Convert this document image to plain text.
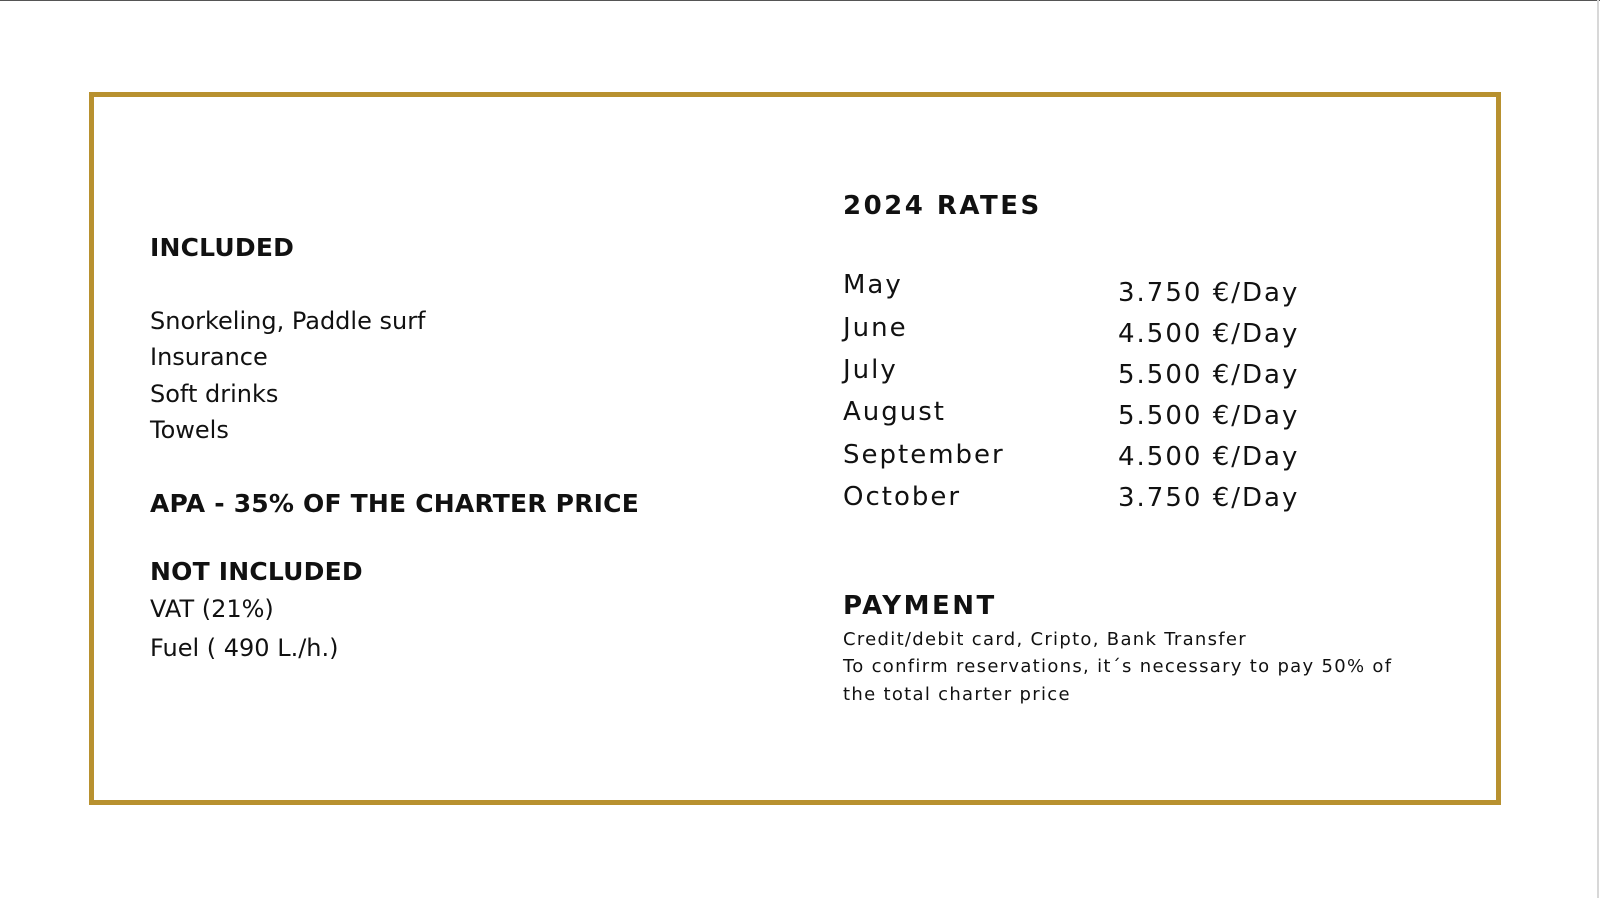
INCLUDED
Snorkeling, Paddle surf
Insurance
Soft drinks
Towels
APA - 35% OF THE CHARTER PRICE
NOT INCLUDED
VAT (21%)
Fuel ( 490 L./h.)
2024 RATES
May	3.750 €/Day
June	4.500 €/Day
July	5.500 €/Day
August	5.500 €/Day
September	4.500 €/Day
October	3.750 €/Day
PAYMENT
Credit/debit card, Cripto, Bank Transfer
To confirm reservations, it´s necessary to pay 50% of
the total charter price
